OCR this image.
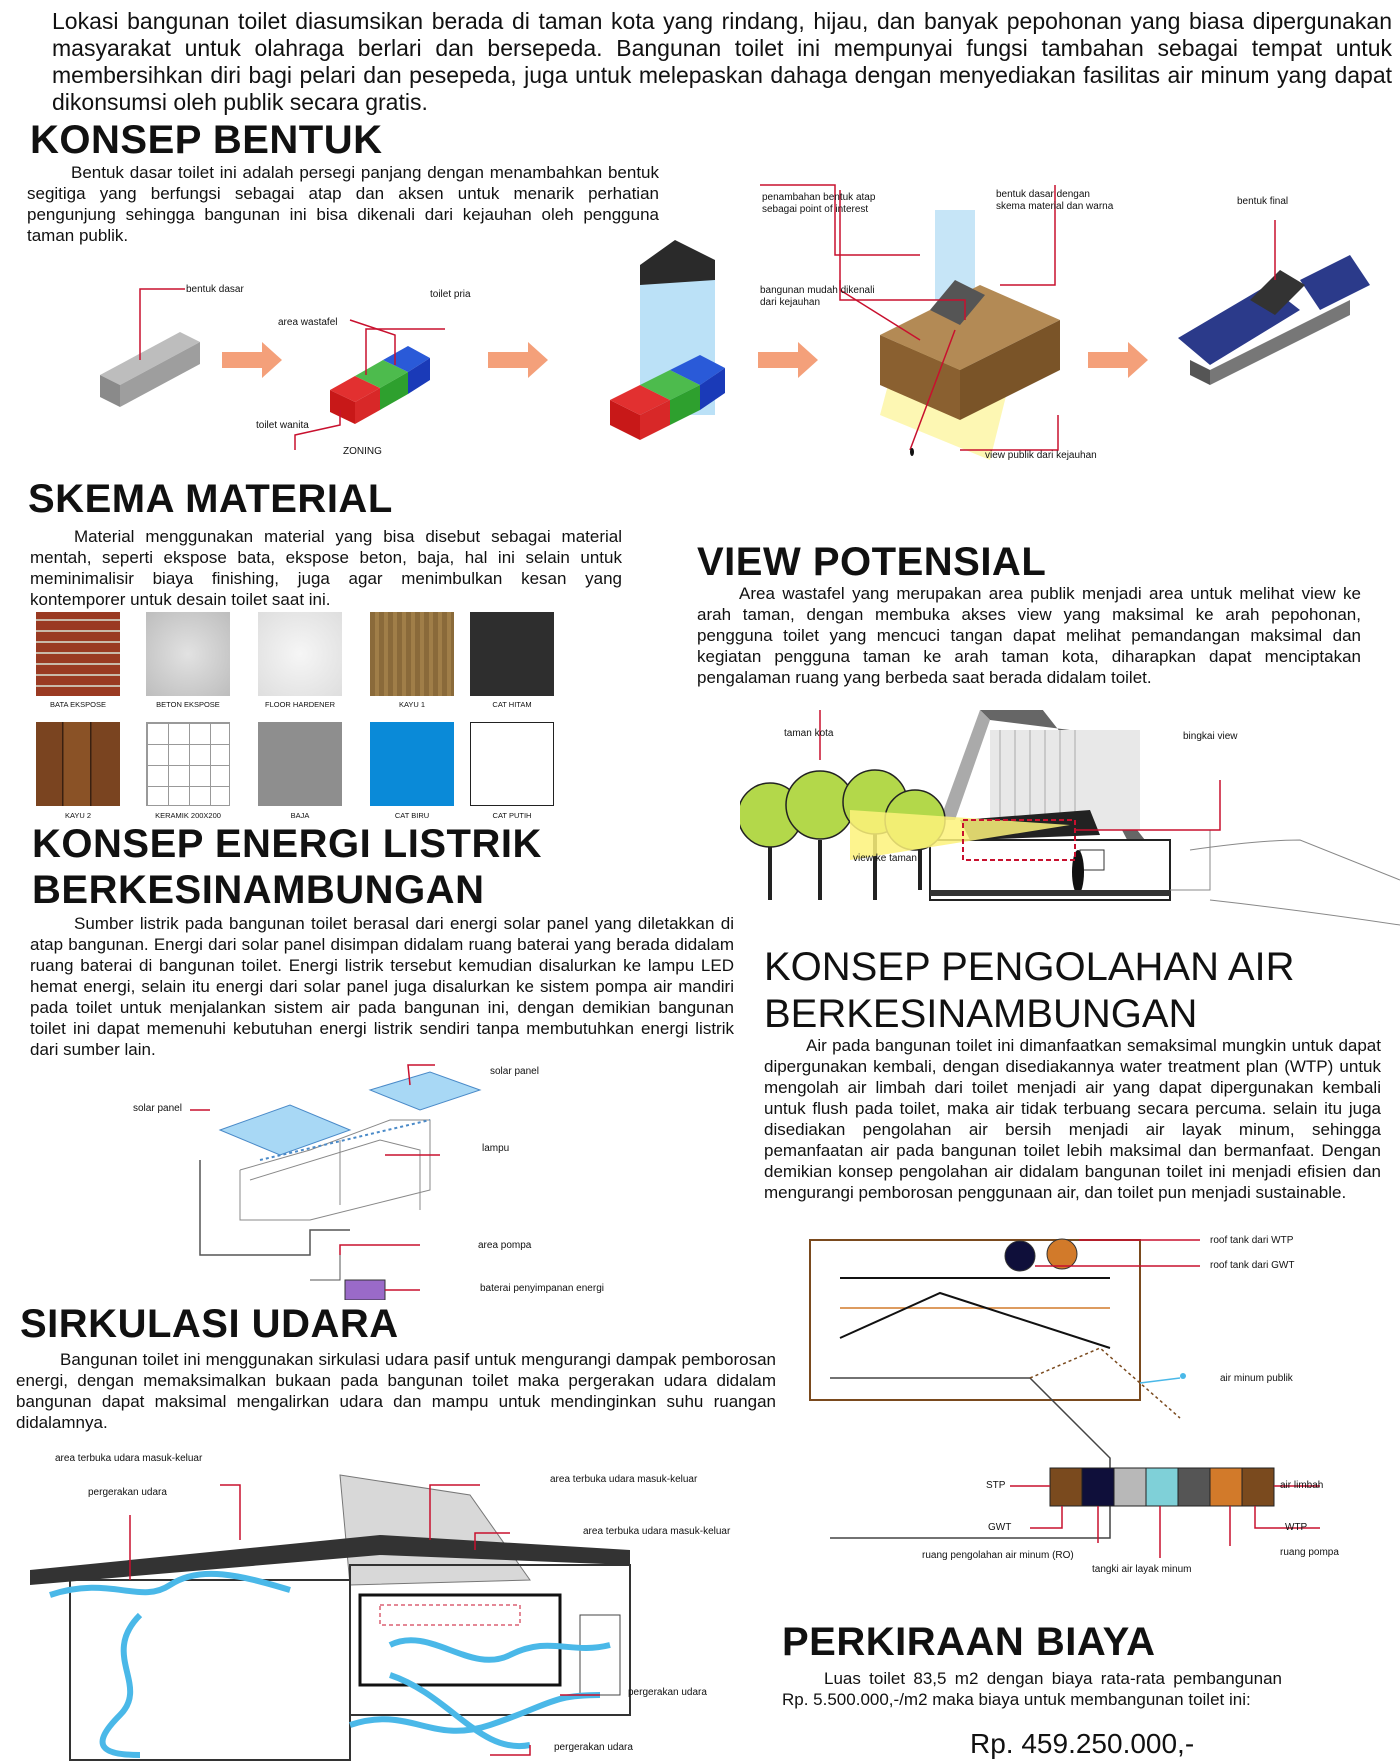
Lokasi bangunan toilet diasumsikan berada di taman kota yang rindang, hijau, dan banyak pepohonan yang biasa dipergunakan masyarakat untuk olahraga berlari dan bersepeda. Bangunan toilet ini mempunyai fungsi tambahan sebagai tempat untuk membersihkan diri bagi pelari dan pesepeda, juga untuk melepaskan dahaga dengan menyediakan fasilitas air minum yang dapat dikonsumsi oleh publik secara gratis.
KONSEP BENTUK
Bentuk dasar toilet ini adalah persegi panjang dengan menambahkan bentuk segitiga yang berfungsi sebagai atap dan aksen untuk menarik perhatian pengunjung sehingga bangunan ini bisa dikenali dari kejauhan oleh pengguna taman publik.
bentuk dasar
area wastafel
toilet pria
toilet wanita
ZONING
penambahan bentuk atap
sebagai point of interest
bangunan mudah dikenali
dari kejauhan
bentuk dasar dengan
skema material dan warna	bentuk final
view publik dari kejauhan
SKEMA MATERIAL
Material menggunakan material yang bisa disebut sebagai material mentah, seperti ekspose bata, ekspose beton, baja, hal ini selain untuk meminimalisir biaya finishing, juga agar menimbulkan kesan yang kontemporer untuk desain toilet saat ini.
BATA EKSPOSE	BETON EKSPOSE	FLOOR HARDENER	KAYU 1	CAT HITAM
KAYU 2	KERAMIK 200X200	BAJA	CAT BIRU	CAT PUTIH
VIEW POTENSIAL
Area wastafel yang merupakan area publik menjadi area untuk melihat view ke arah taman, dengan membuka akses view yang maksimal ke arah pepohonan, pengguna toilet yang mencuci tangan dapat melihat pemandangan maksimal dan kegiatan pengguna taman ke arah taman kota, diharapkan dapat menciptakan pengalaman ruang yang berbeda saat berada didalam toilet.
taman kota	bingkai view
view ke taman
KONSEP ENERGI LISTRIK
BERKESINAMBUNGAN
Sumber listrik pada bangunan toilet berasal dari energi solar panel yang diletakkan di atap bangunan. Energi dari solar panel disimpan didalam ruang baterai yang berada didalam ruang baterai di bangunan toilet. Energi listrik tersebut kemudian disalurkan ke lampu LED hemat energi, selain itu energi dari solar panel juga disalurkan ke sistem pompa air mandiri pada toilet untuk menjalankan sistem air pada bangunan ini, dengan demikian bangunan toilet ini dapat memenuhi kebutuhan energi listrik sendiri tanpa membutuhkan energi listrik dari sumber lain.
solar panel
solar panel
lampu
area pompa
baterai penyimpanan energi
KONSEP PENGOLAHAN AIR
BERKESINAMBUNGAN
Air pada bangunan toilet ini dimanfaatkan semaksimal mungkin untuk dapat dipergunakan kembali, dengan disediakannya water treatment plan (WTP) untuk mengolah air limbah dari toilet menjadi air yang dapat dipergunakan kembali untuk flush pada toilet, maka air tidak terbuang secara percuma. selain itu juga disediakan pengolahan air bersih menjadi air layak minum, sehingga pemanfaatan air pada bangunan toilet lebih maksimal dan bermanfaat. Dengan demikian konsep pengolahan air didalam bangunan toilet ini menjadi efisien dan mengurangi pemborosan penggunaan air, dan toilet pun menjadi sustainable.
roof tank dari WTP
roof tank dari GWT
air minum publik
STP	air limbah
GWT	WTP
ruang pengolahan air minum (RO)	ruang pompa
tangki air layak minum
SIRKULASI UDARA
Bangunan toilet ini menggunakan sirkulasi udara pasif untuk mengurangi dampak pemborosan energi, dengan memaksimalkan bukaan pada bangunan toilet maka pergerakan udara didalam bangunan dapat maksimal mengalirkan udara dan mampu untuk mendinginkan suhu ruangan didalamnya.
area terbuka udara masuk-keluar
pergerakan udara
area terbuka udara masuk-keluar
area terbuka udara masuk-keluar
pergerakan udara
pergerakan udara
PERKIRAAN BIAYA
Luas toilet 83,5 m2 dengan biaya rata-rata pembangunan Rp. 5.500.000,-/m2 maka biaya untuk membangunan toilet ini:
Rp. 459.250.000,-
